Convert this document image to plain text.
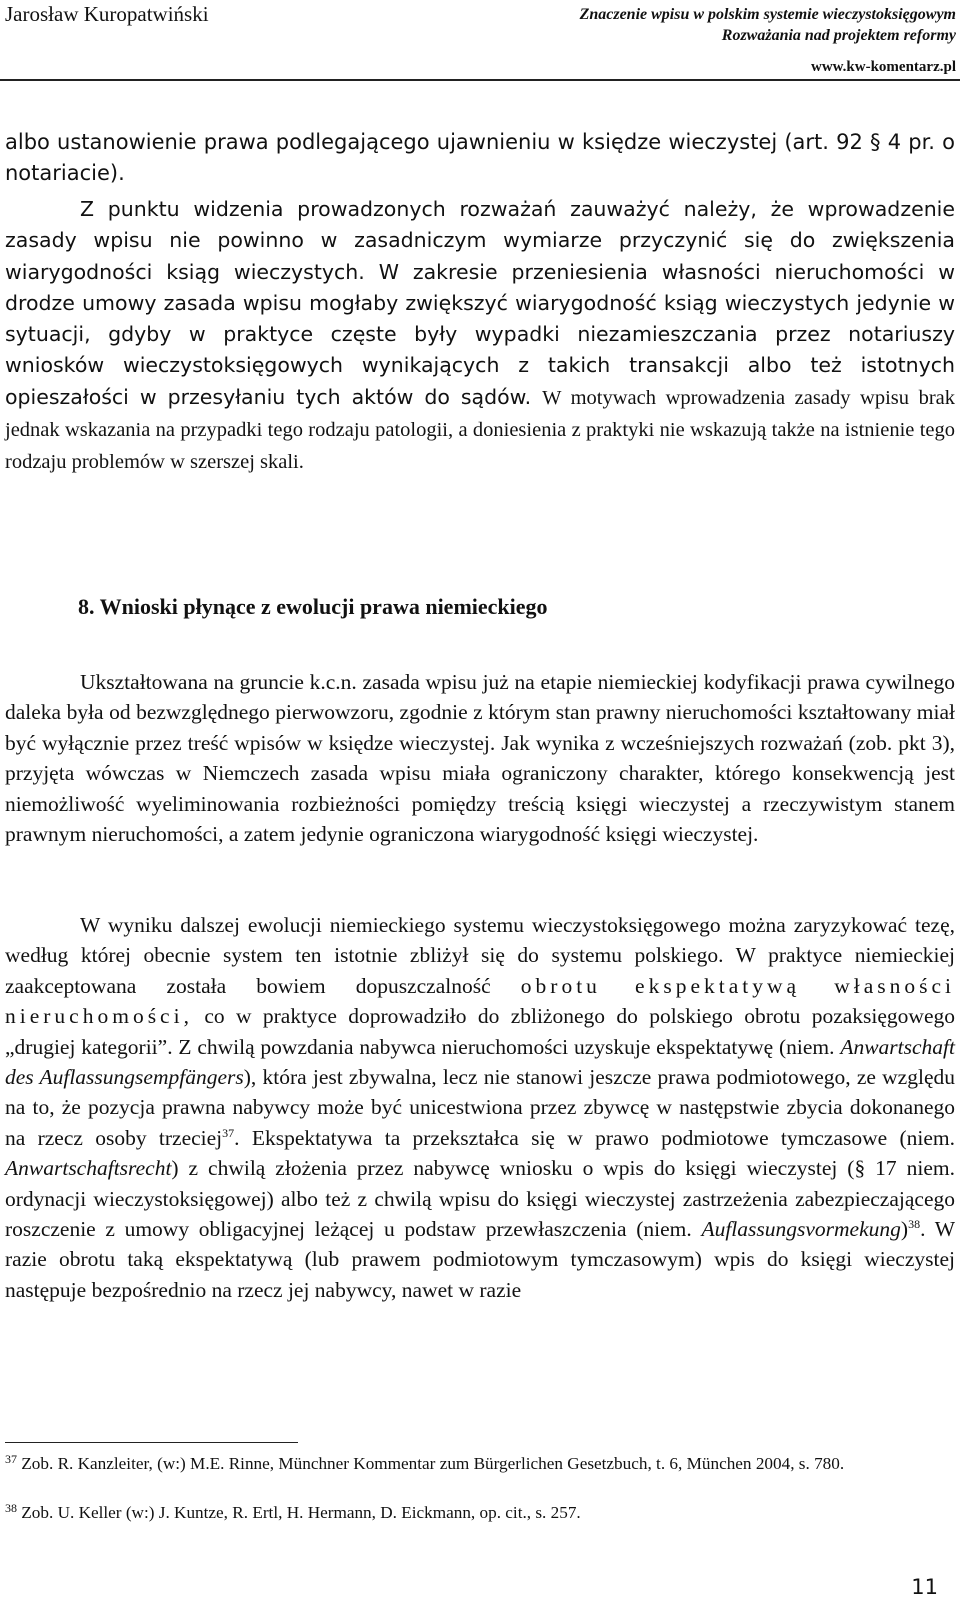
Jarosław Kuropatwiński	Znaczenie wpisu w polskim systemie wieczystoksięgowym
Rozważania nad projektem reformy
www.kw-komentarz.pl

albo ustanowienie prawa podlegającego ujawnieniu w księdze wieczystej (art. 92 § 4 pr. o notariacie).

Z punktu widzenia prowadzonych rozważań zauważyć należy, że wprowadzenie zasady wpisu nie powinno w zasadniczym wymiarze przyczynić się do zwiększenia wiarygodności ksiąg wieczystych. W zakresie przeniesienia własności nieruchomości w drodze umowy zasada wpisu mogłaby zwiększyć wiarygodność ksiąg wieczystych jedynie w sytuacji, gdyby w praktyce częste były wypadki niezamieszczania przez notariuszy wniosków wieczystoksięgowych wynikających z takich transakcji albo też istotnych opieszałości w przesyłaniu tych aktów do sądów. W motywach wprowadzenia zasady wpisu brak jednak wskazania na przypadki tego rodzaju patologii, a doniesienia z praktyki nie wskazują także na istnienie tego rodzaju problemów w szerszej skali.

8. Wnioski płynące z ewolucji prawa niemieckiego

Ukształtowana na gruncie k.c.n. zasada wpisu już na etapie niemieckiej kodyfikacji prawa cywilnego daleka była od bezwzględnego pierwowzoru, zgodnie z którym stan prawny nieruchomości kształtowany miał być wyłącznie przez treść wpisów w księdze wieczystej. Jak wynika z wcześniejszych rozważań (zob. pkt 3), przyjęta wówczas w Niemczech zasada wpisu miała ograniczony charakter, którego konsekwencją jest niemożliwość wyeliminowania rozbieżności pomiędzy treścią księgi wieczystej a rzeczywistym stanem prawnym nieruchomości, a zatem jedynie ograniczona wiarygodność księgi wieczystej.

W wyniku dalszej ewolucji niemieckiego systemu wieczystoksięgowego można zaryzykować tezę, według której obecnie system ten istotnie zbliżył się do systemu polskiego. W praktyce niemieckiej zaakceptowana została bowiem dopuszczalność obrotu ekspektatywą własności nieruchomości, co w praktyce doprowadziło do zbliżonego do polskiego obrotu pozaksięgowego „drugiej kategorii”. Z chwilą powzdania nabywca nieruchomości uzyskuje ekspektatywę (niem. Anwartschaft des Auflassungsempfängers), która jest zbywalna, lecz nie stanowi jeszcze prawa podmiotowego, ze względu na to, że pozycja prawna nabywcy może być unicestwiona przez zbywcę w następstwie zbycia dokonanego na rzecz osoby trzeciej$^{37}$. Ekspektatywa ta przekształca się w prawo podmiotowe tymczasowe (niem. Anwartschaftsrecht) z chwilą złożenia przez nabywcę wniosku o wpis do księgi wieczystej (§ 17 niem. ordynacji wieczystoksięgowej) albo też z chwilą wpisu do księgi wieczystej zastrzeżenia zabezpieczającego roszczenie z umowy obligacyjnej leżącej u podstaw przewłaszczenia (niem. Auflassungsvormekung)$^{38}$. W razie obrotu taką ekspektatywą (lub prawem podmiotowym tymczasowym) wpis do księgi wieczystej następuje bezpośrednio na rzecz jej nabywcy, nawet w razie

$^{37}$ Zob. R. Kanzleiter, (w:) M.E. Rinne, Münchner Kommentar zum Bürgerlichen Gesetzbuch, t. 6, München 2004, s. 780.

$^{38}$ Zob. U. Keller (w:) J. Kuntze, R. Ertl, H. Hermann, D. Eickmann, op. cit., s. 257.

11
